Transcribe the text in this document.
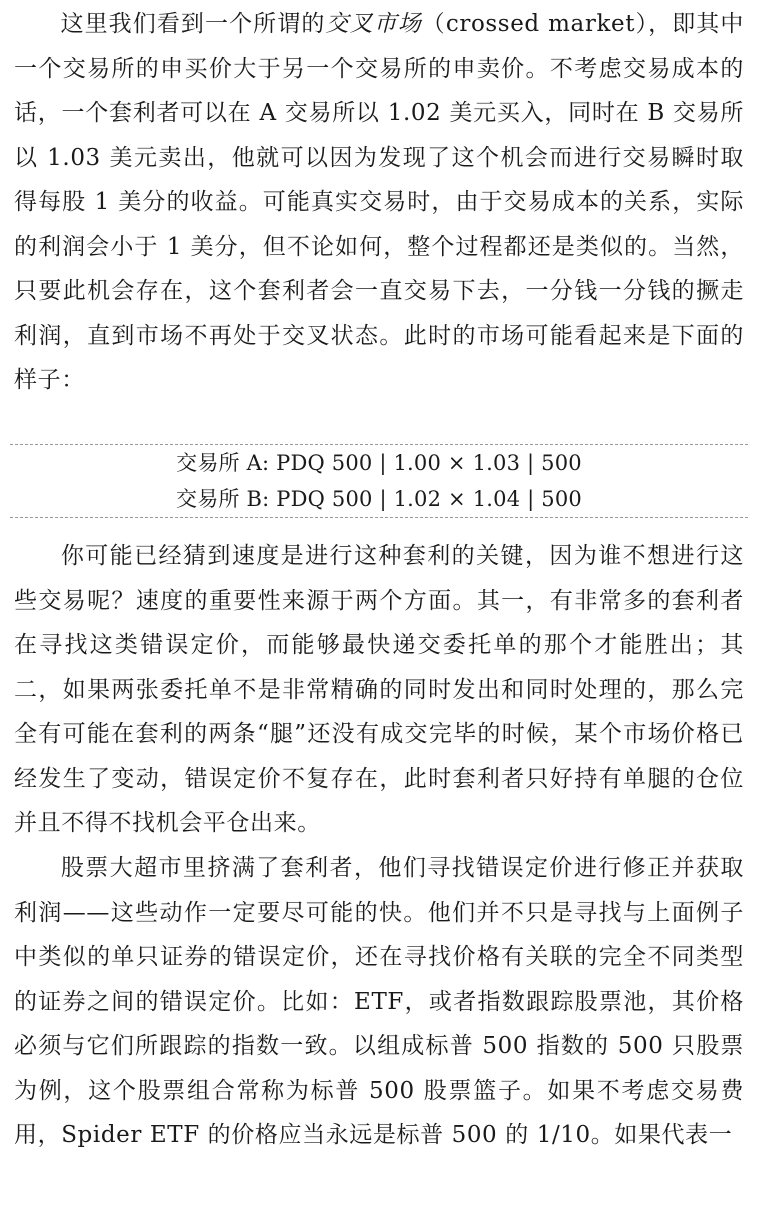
这里我们看到一个所谓的交叉市场（crossed market），即其中一个交易所的申买价大于另一个交易所的申卖价。不考虑交易成本的话，一个套利者可以在 A 交易所以 1.02 美元买入，同时在 B 交易所以 1.03 美元卖出，他就可以因为发现了这个机会而进行交易瞬时取得每股 1 美分的收益。可能真实交易时，由于交易成本的关系，实际的利润会小于 1 美分，但不论如何，整个过程都还是类似的。当然，只要此机会存在，这个套利者会一直交易下去，一分钱一分钱的撅走利润，直到市场不再处于交叉状态。此时的市场可能看起来是下面的样子：

交易所 A: PDQ 500 | 1.00 × 1.03 | 500
交易所 B: PDQ 500 | 1.02 × 1.04 | 500

你可能已经猜到速度是进行这种套利的关键，因为谁不想进行这些交易呢？速度的重要性来源于两个方面。其一，有非常多的套利者在寻找这类错误定价，而能够最快递交委托单的那个才能胜出；其二，如果两张委托单不是非常精确的同时发出和同时处理的，那么完全有可能在套利的两条“腿”还没有成交完毕的时候，某个市场价格已经发生了变动，错误定价不复存在，此时套利者只好持有单腿的仓位并且不得不找机会平仓出来。

股票大超市里挤满了套利者，他们寻找错误定价进行修正并获取利润——这些动作一定要尽可能的快。他们并不只是寻找与上面例子中类似的单只证券的错误定价，还在寻找价格有关联的完全不同类型的证券之间的错误定价。比如：ETF，或者指数跟踪股票池，其价格必须与它们所跟踪的指数一致。以组成标普 500 指数的 500 只股票为例，这个股票组合常称为标普 500 股票篮子。如果不考虑交易费用，Spider ETF 的价格应当永远是标普 500 的 1/10。如果代表一
